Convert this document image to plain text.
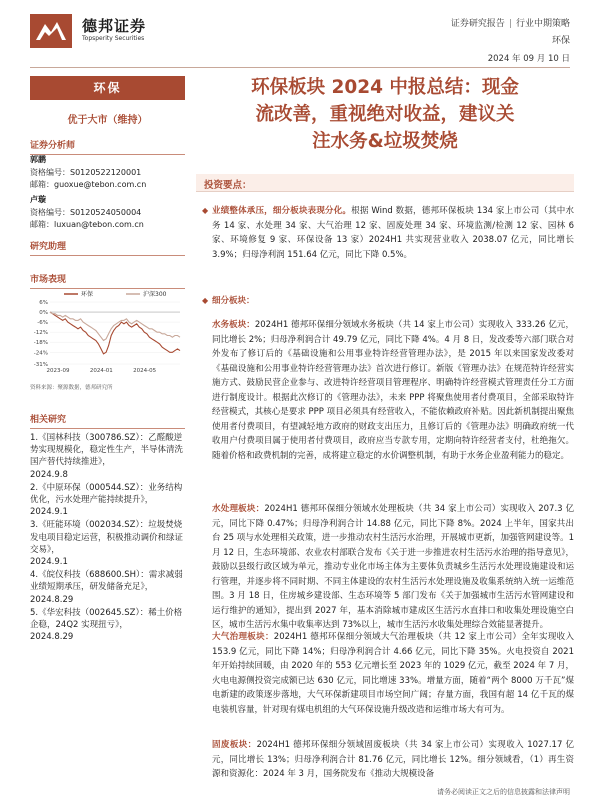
德邦证券
Topsperity Securities
证券研究报告 | 行业中期策略
环保
2024 年 09 月 10 日
环保
优于大市（维持）
证券分析师
郭鹏
资格编号：S0120522120001
邮箱：guoxue@tebon.com.cn
卢璇
资格编号：S0120524050004
邮箱：luxuan@tebon.com.cn
研究助理
市场表现
-31%
-24%
-18%
-12%
-6%
0%
6%
2023-09	2024-01	2024-05
环保	沪深300
资料来源：聚源数据，德邦研究所
相关研究
1.《国林科技（300786.SZ）：乙醛酸逆势实现规模化，稳定性生产，半导体清洗国产替代持续推进》，
2024.9.8
2.《中原环保（000544.SZ）：业务结构优化，污水处理产能持续提升》，
2024.9.1
3.《旺能环境（002034.SZ）：垃圾焚烧发电项目稳定运营，积极推动调价和绿证交易》，
2024.9.1
4.《皖仪科技（688600.SH）：需求减弱业绩短期承压，研发储备充足》，
2024.8.29
5.《华宏科技（002645.SZ）：稀土价格企稳，24Q2 实现扭亏》，
2024.8.29
环保板块 2024 中报总结：现金
流改善，重视绝对收益，建议关
注水务&垃圾焚烧
投资要点：
◆ 业绩整体承压，细分板块表现分化。根据 Wind 数据，德邦环保板块 134 家上市公司（其中水务 14 家、水处理 34 家、大气治理 12 家、固废处理 34 家、环境监测/检测 12 家、园林 6 家、环境修复 9 家、环保设备 13 家）2024H1 共实现营业收入 2038.07 亿元，同比增长 3.9%；归母净利润 151.64 亿元，同比下降 0.5%。
◆ 细分板块：
水务板块：2024H1 德邦环保细分领域水务板块（共 14 家上市公司）实现收入 333.26 亿元，同比增长 2%；归母净利润合计 49.79 亿元，同比下降 4%。4 月 8 日，发改委等六部门联合对外发布了修订后的《基础设施和公用事业特许经营管理办法》，是 2015 年以来国家发改委对《基础设施和公用事业特许经营管理办法》首次进行修订。新版《管理办法》在规范特许经营实施方式、鼓励民营企业参与、改进特许经营项目管理程序、明确特许经营模式管理责任分工方面进行制度设计。根据此次修订的《管理办法》，未来 PPP 将聚焦使用者付费项目，全部采取特许经营模式，其核心是要求 PPP 项目必须具有经营收入，不能依赖政府补贴。因此新机制提出聚焦使用者付费项目，有望减轻地方政府的财政支出压力，且修订后的《管理办法》明确政府统一代收用户付费项目属于使用者付费项目，政府应当专款专用，定期向特许经营者支付，杜绝拖欠。随着价格和政费机制的完善，成将建立稳定的水价调整机制，有助于水务企业盈利能力的稳定。
水处理板块：2024H1 德邦环保细分领域水处理板块（共 34 家上市公司）实现收入 207.3 亿元，同比下降 0.47%；归母净利润合计 14.88 亿元，同比下降 8%。2024 上半年，国家共出台 25 项与水处理相关政策，进一步推动农村生活污水治理，开展城市更新，加强管网建设等。1 月 12 日，生态环境部、农业农村部联合发布《关于进一步推进农村生活污水治理的指导意见》，鼓励以县级行政区域为单元，推动专业化市场主体为主要体负责城乡生活污水处理设施建设和运行管理，并逐步将不同时期、不同主体建设的农村生活污水处理设施及收集系统纳入统一运维范围。3 月 18 日，住房城乡建设部、生态环境等 5 部门发布《关于加强城市生活污水管网建设和运行维护的通知》，提出到 2027 年，基本消除城市建成区生活污水直排口和收集处理设施空白区，城市生活污水集中收集率达到 73%以上，城市生活污水收集处理综合效能显著提升。
大气治理板块：2024H1 德邦环保细分领域大气治理板块（共 12 家上市公司）全年实现收入 153.9 亿元，同比下降 14%；归母净利润合计 4.66 亿元，同比下降 35%。火电投资自 2021 年开始持续回暖，由 2020 年的 553 亿元增长至 2023 年的 1029 亿元，截至 2024 年 7 月，火电电源侧投资完成额已达 630 亿元，同比增速 33%。增量方面，随着“两个 8000 万千瓦”煤电新建的政策逐步落地，大气环保新建项目市场空间广阔；存量方面，我国有超 14 亿千瓦的煤电装机容量，针对现有煤电机组的大气环保设施升级改造和运维市场大有可为。
固废板块：2024H1 德邦环保细分领域固废板块（共 34 家上市公司）实现收入 1027.17 亿元，同比增长 13%；归母净利润合计 81.76 亿元，同比增长 12%。细分领域看，（1）再生资源和资源化：2024 年 3 月，国务院发布《推动大规模设备
请务必阅读正文之后的信息披露和法律声明
